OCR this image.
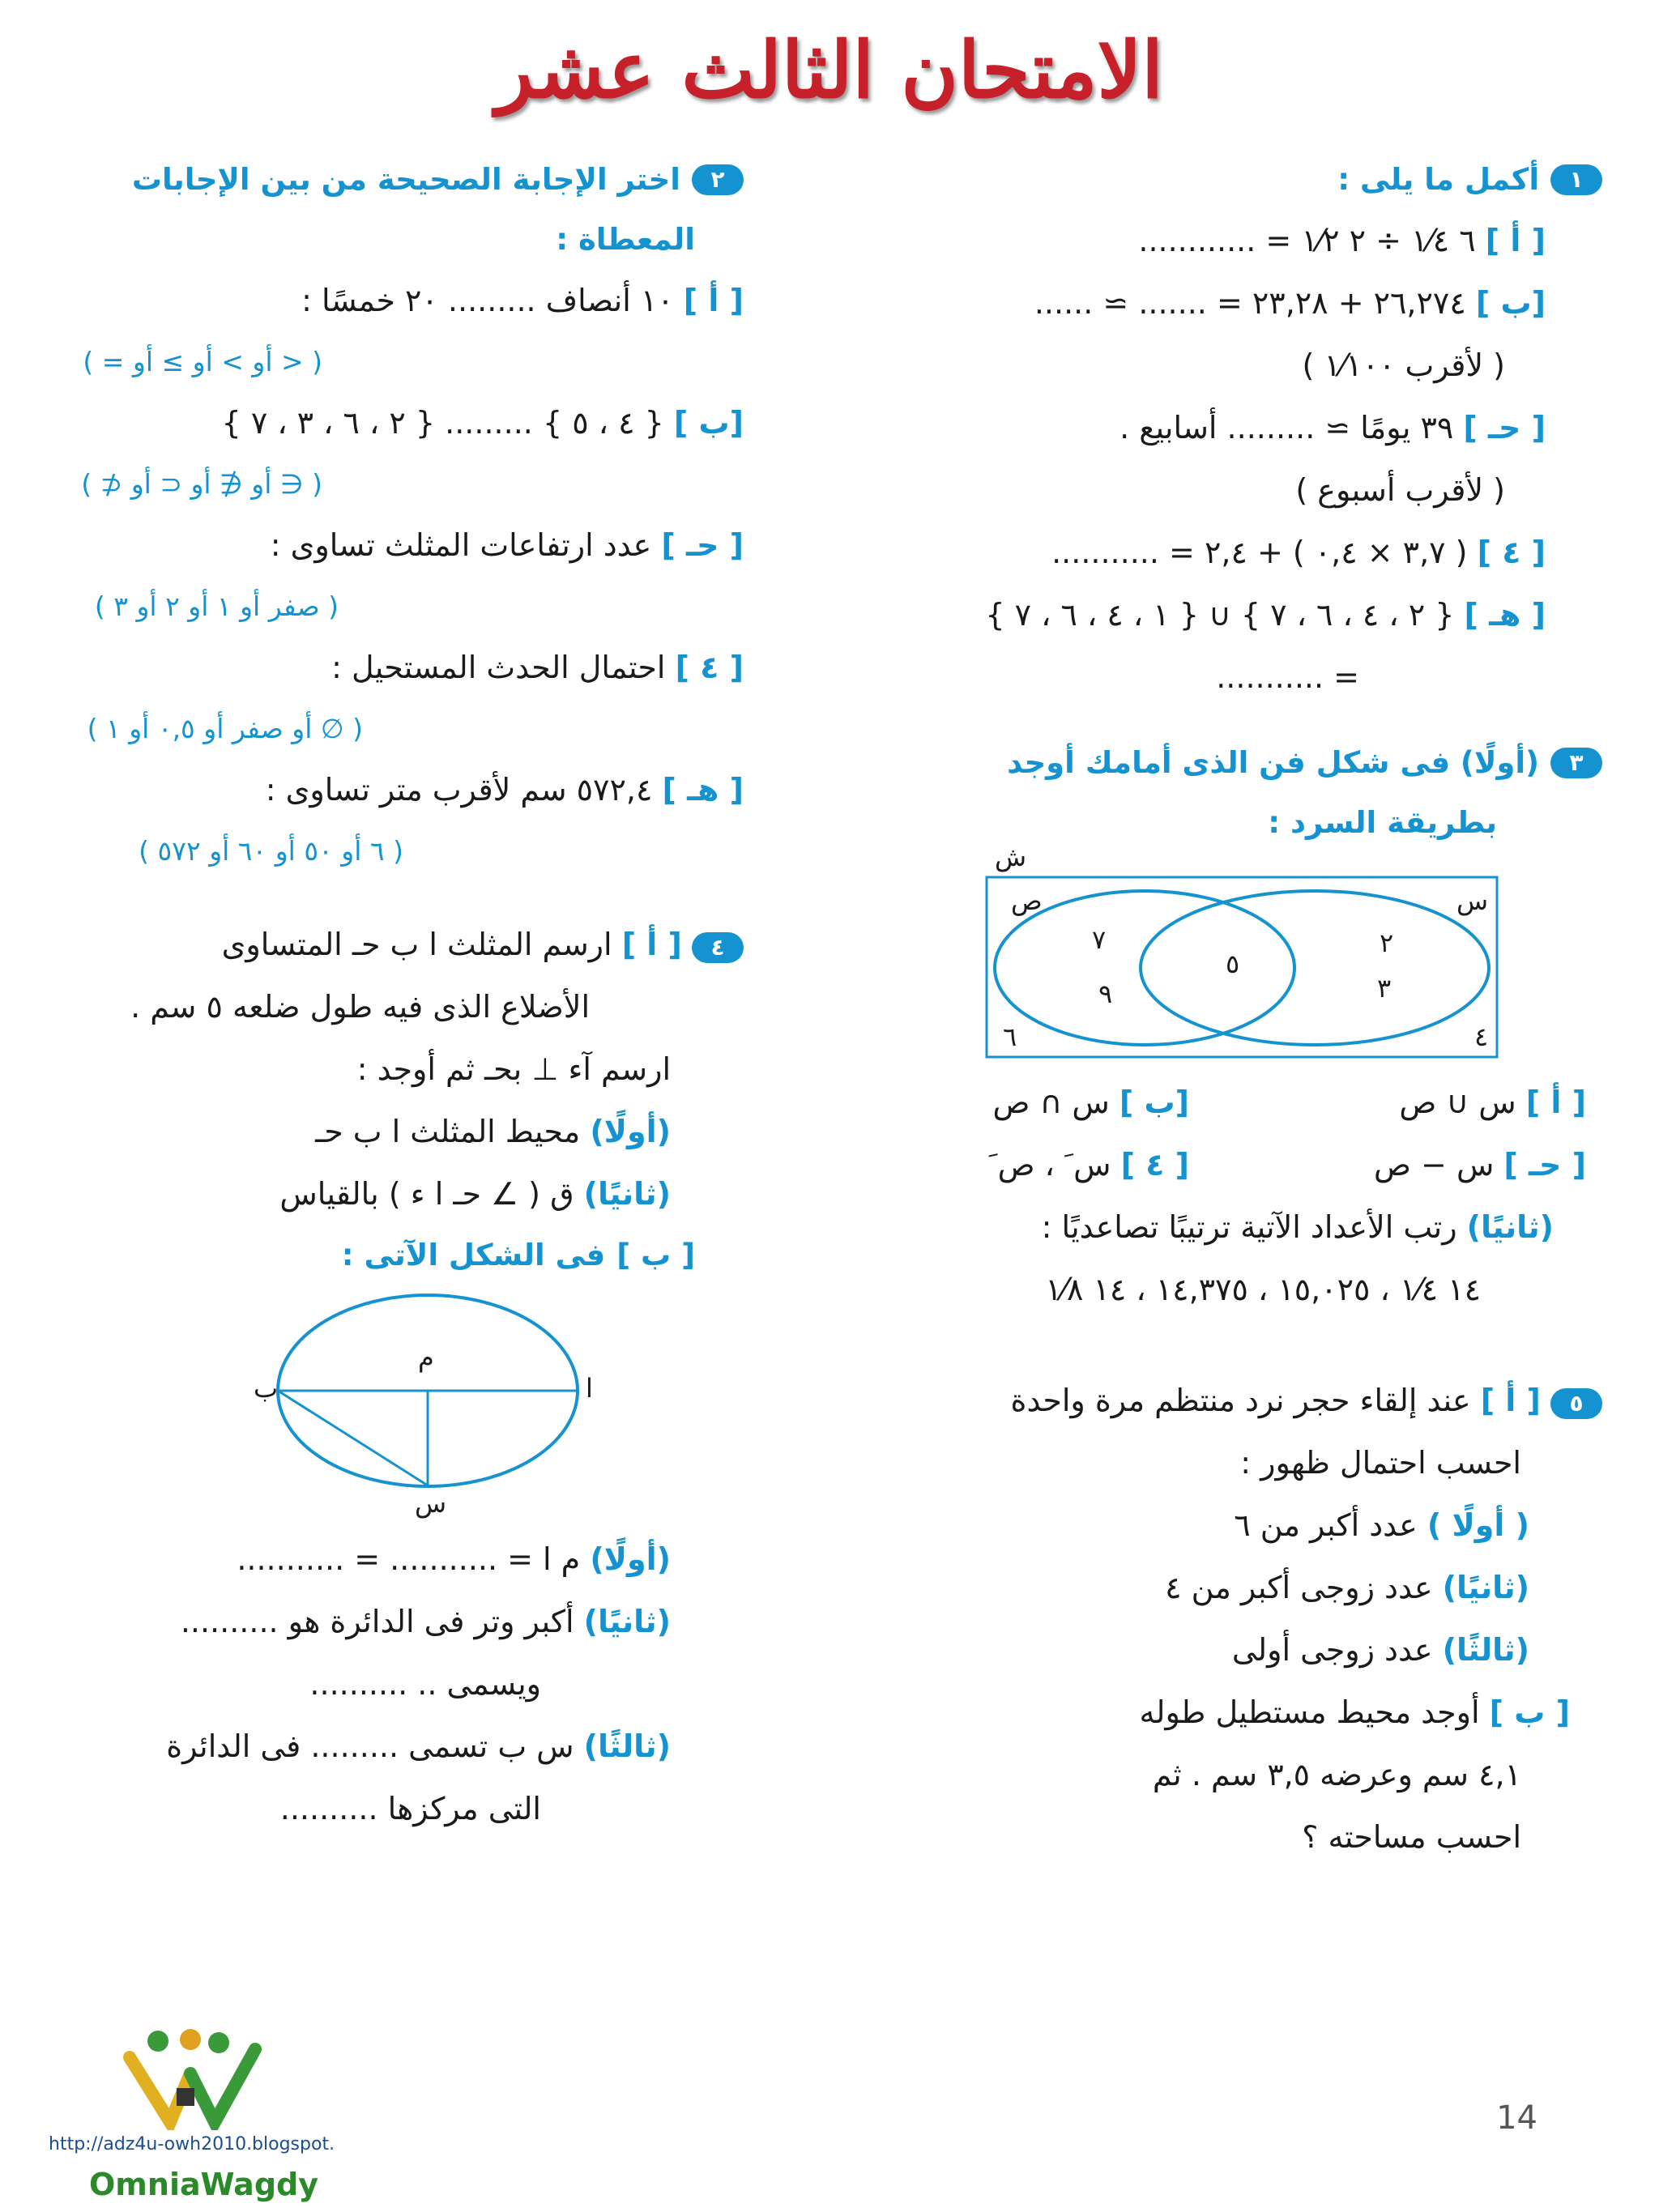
الامتحان الثالث عشر
١
أكمل ما يلى :
[ أ ] ٦ ١⁄٤ ÷ ٢ ١⁄٢ = ............
[ب ] ٢٦,٢٧٤ + ٢٣,٢٨ = ....... ≃ ......
( لأقرب ١⁄١٠٠ )
[ حـ ] ٣٩ يومًا ≃ ......... أسابيع .
( لأقرب أسبوع )
[ ٤ ] ( ٣,٧ × ٠,٤ ) + ٢,٤ = ...........
[ هـ ] { ٢ ، ٤ ، ٦ ، ٧ } ∪ { ١ ، ٤ ، ٦ ، ٧ }
= ...........
٣
(أولًا) فى شكل فن الذى أمامك أوجد
بطريقة السرد :
ش
ص	س
٧
٩
٥
٢
٣
٤
٦
[ أ ] س ∪ ص
[ب ] س ∩ ص
[ حـ ] س − ص
[ ٤ ] س َ ، ص َ
(ثانيًا) رتب الأعداد الآتية ترتيبًا تصاعديًا :
١٤ ١⁄٤ ، ١٥,٠٢٥ ، ١٤,٣٧٥ ، ١٤ ١⁄٨
٥ [ أ ] عند إلقاء حجر نرد منتظم مرة واحدة
احسب احتمال ظهور :
( أولًا ) عدد أكبر من ٦
(ثانيًا) عدد زوجى أكبر من ٤
(ثالثًا) عدد زوجى أولى
[ ب ] أوجد محيط مستطيل طوله
٤,١ سم وعرضه ٣,٥ سم . ثم
احسب مساحته ؟
٢
اختر الإجابة الصحيحة من بين الإجابات
المعطاة :
[ أ ] ١٠ أنصاف ......... ٢٠ خمسًا :
( < أو > أو ≥ أو = )
[ب ] { ٤ ، ٥ } ......... { ٢ ، ٦ ، ٣ ، ٧ }
( ∈ أو ∉ أو ⊂ أو ⊄ )
[ حـ ] عدد ارتفاعات المثلث تساوى :
( صفر أو ١ أو ٢ أو ٣ )
[ ٤ ] احتمال الحدث المستحيل :
( ∅ أو صفر أو ٠,٥ أو ١ )
[ هـ ] ٥٧٢,٤ سم لأقرب متر تساوى :
( ٦ أو ٥٠ أو ٦٠ أو ٥٧٢ )
٤ [ أ ] ارسم المثلث ا ب حـ المتساوى
الأضلاع الذى فيه طول ضلعه ٥ سم .
ارسم آء ⊥ بحـ ثم أوجد :
(أولًا) محيط المثلث ا ب حـ
(ثانيًا) ق ( ∠ حـ ا ء ) بالقياس
[ ب ]
فى الشكل الآتى :
م
ا
ب
س
(أولًا) م ا = ........... = ...........
(ثانيًا) أكبر وتر فى الدائرة هو ..........
ويسمى .. ..........
(ثالثًا) س ب تسمى ......... فى الدائرة
التى مركزها ..........
14
http://adz4u-owh2010.blogspot.
OmniaWagdy
